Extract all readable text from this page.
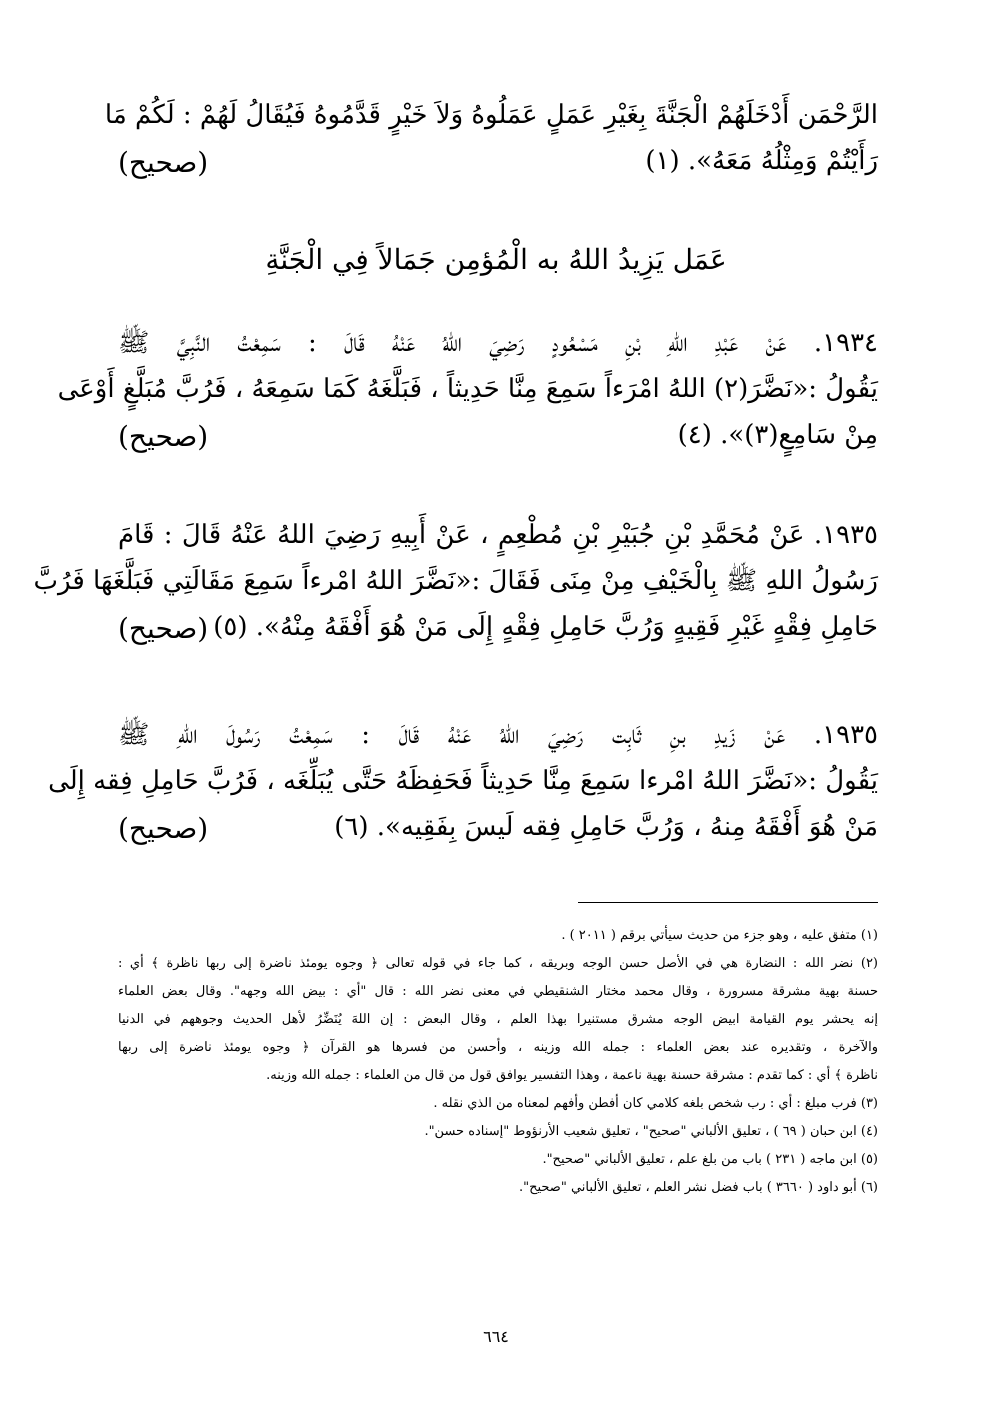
الرَّحْمَن أَدْخَلَهُمْ الْجَنَّةَ بِغَيْرِ عَمَلٍ عَمَلُوهُ وَلاَ خَيْرٍ قَدَّمُوهُ فَيُقَالُ لَهُمْ : لَكُمْ مَا
رَأَيْتُمْ وَمِثْلُهُ مَعَهُ». (١)
(صحيح)
عَمَل يَزِيدُ اللهُ به الْمُؤمِن جَمَالاً فِي الْجَنَّةِ
١٩٣٤. عَنْ عَبْدِ اللهِ بْنِ مَسْعُودٍ رَضِيَ اللهُ عَنْهُ قَالَ : سَمِعْتُ النَّبِيَّ ﷺ
يَقُولُ :«نَضَّرَ(٢) اللهُ امْرَءاً سَمِعَ مِنَّا حَدِيثاً ، فَبَلَّغَهُ كَمَا سَمِعَهُ ، فَرُبَّ مُبَلَّغٍ أَوْعَى
مِنْ سَامِعٍ(٣)». (٤)
(صحيح)
١٩٣٥. عَنْ مُحَمَّدِ بْنِ جُبَيْرِ بْنِ مُطْعِمٍ ، عَنْ أَبِيهِ رَضِيَ اللهُ عَنْهُ قَالَ : قَامَ
رَسُولُ اللهِ ﷺ بِالْخَيْفِ مِنْ مِنَى فَقَالَ :«نَضَّرَ اللهُ امْرءاً سَمِعَ مَقَالَتِي فَبَلَّغَهَا فَرُبَّ
حَامِلِ فِقْهٍ غَيْرِ فَقِيهٍ وَرُبَّ حَامِلِ فِقْهٍ إِلَى مَنْ هُوَ أَفْقَهُ مِنْهُ». (٥)
(صحيح)
١٩٣٥. عَنْ زَيدِ بنِ ثَابِت رَضِيَ اللهُ عَنْهُ قَالَ : سَمِعْتُ رَسُولَ اللهِ ﷺ
يَقُولُ :«نَضَّرَ اللهُ امْرءا سَمِعَ مِنَّا حَدِيثاً فَحَفِظَهُ حَتَّى يُبَلِّغَه ، فَرُبَّ حَامِلِ فِقه إِلَى
مَنْ هُوَ أَفْقَهُ مِنهُ ، وَرُبَّ حَامِلِ فِقه لَيسَ بِفَقِيه». (٦)
(صحيح)
(١) متفق عليه ، وهو جزء من حديث سيأتي برقم ( ٢٠١١ ) .
(٢) نضر الله : النضارة هي في الأصل حسن الوجه وبريقه ، كما جاء في قوله تعالى ﴿ وجوه يومئذ ناضرة إلى ربها ناظرة ﴾ أي :
حسنة بهية مشرقة مسرورة ، وقال محمد مختار الشنقيطي في معنى نضر الله : قال "أي : بيض الله وجهه". وقال بعض العلماء
إنه يحشر يوم القيامة ابيض الوجه مشرق مستنيرا بهذا العلم ، وقال البعض : إن اللهَ يُنَضِّرُ لأهل الحديث وجوههم في الدنيا
والآخرة ، وتقديره عند بعض العلماء : جمله الله وزينه ، وأحسن من فسرها هو القرآن ﴿ وجوه يومئذ ناضرة إلى ربها
ناظرة ﴾ أي : كما تقدم : مشرقة حسنة بهية ناعمة ، وهذا التفسير يوافق قول من قال من العلماء : جمله الله وزينه.
(٣) فرب مبلغ : أي : رب شخص بلغه كلامي كان أفطن وأفهم لمعناه من الذي نقله .
(٤) ابن حبان ( ٦٩ ) ، تعليق الألباني "صحيح" ، تعليق شعيب الأرنؤوط "إسناده حسن".
(٥) ابن ماجه ( ٢٣١ ) باب من بلغ علم ، تعليق الألباني "صحيح".
(٦) أبو داود ( ٣٦٦٠ ) باب فضل نشر العلم ، تعليق الألباني "صحيح".
٦٦٤
